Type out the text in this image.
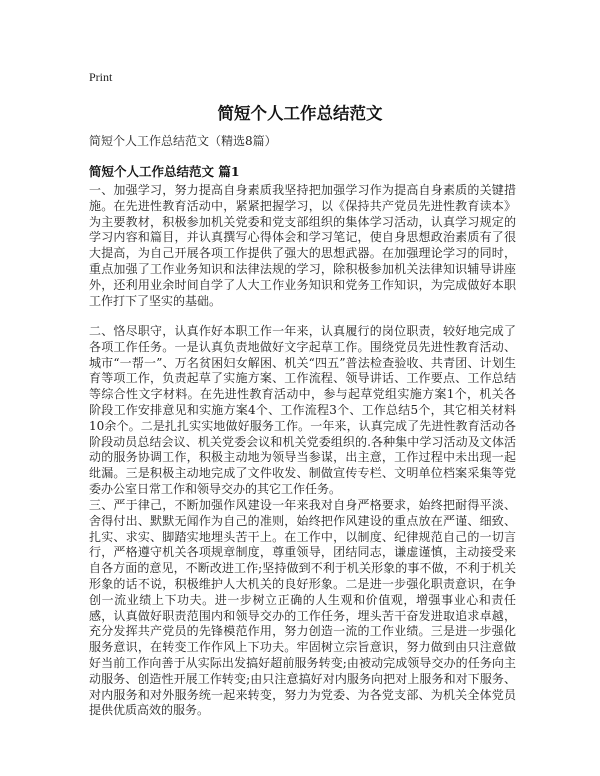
Print
简短个人工作总结范文
简短个人工作总结范文（精选8篇）
简短个人工作总结范文 篇1

一、加强学习，努力提高自身素质我坚持把加强学习作为提高自身素质的关键措施。在先进性教育活动中，紧紧把握学习，以《保持共产党员先进性教育读本》为主要教材，积极参加机关党委和党支部组织的集体学习活动，认真学习规定的学习内容和篇目，并认真撰写心得体会和学习笔记，使自身思想政治素质有了很大提高，为自己开展各项工作提供了强大的思想武器。在加强理论学习的同时，重点加强了工作业务知识和法律法规的学习，除积极参加机关法律知识辅导讲座外，还利用业余时间自学了人大工作业务知识和党务工作知识，为完成做好本职工作打下了坚实的基础。

二、恪尽职守，认真作好本职工作一年来，认真履行的岗位职责，较好地完成了各项工作任务。一是认真负责地做好文字起草工作。围绕党员先进性教育活动、城市“一帮一”、万名贫困妇女解困、机关“四五”普法检查验收、共青团、计划生育等项工作，负责起草了实施方案、工作流程、领导讲话、工作要点、工作总结等综合性文字材料。在先进性教育活动中，参与起草党组实施方案1个，机关各阶段工作安排意见和实施方案4个、工作流程3个、工作总结5个，其它相关材料10余个。二是扎扎实实地做好服务工作。一年来，认真完成了先进性教育活动各阶段动员总结会议、机关党委会议和机关党委组织的.各种集中学习活动及文体活动的服务协调工作，积极主动地为领导当参谋，出主意，工作过程中未出现一起纰漏。三是积极主动地完成了文件收发、制做宣传专栏、文明单位档案采集等党委办公室日常工作和领导交办的其它工作任务。

三、严于律己，不断加强作风建设一年来我对自身严格要求，始终把耐得平淡、舍得付出、默默无闻作为自己的准则，始终把作风建设的重点放在严谨、细致、扎实、求实、脚踏实地埋头苦干上。在工作中，以制度、纪律规范自己的一切言行，严格遵守机关各项规章制度，尊重领导，团结同志，谦虚谨慎，主动接受来自各方面的意见，不断改进工作;坚持做到不利于机关形象的事不做，不利于机关形象的话不说，积极维护人大机关的良好形象。二是进一步强化职责意识，在争创一流业绩上下功夫。进一步树立正确的人生观和价值观，增强事业心和责任感，认真做好职责范围内和领导交办的工作任务，埋头苦干奋发进取追求卓越，充分发挥共产党员的先锋模范作用，努力创造一流的工作业绩。三是进一步强化服务意识，在转变工作作风上下功夫。牢固树立宗旨意识，努力做到由只注意做好当前工作向善于从实际出发搞好超前服务转变;由被动完成领导交办的任务向主动服务、创造性开展工作转变;由只注意搞好对内服务向把对上服务和对下服务、对内服务和对外服务统一起来转变，努力为党委、为各党支部、为机关全体党员提供优质高效的服务。
